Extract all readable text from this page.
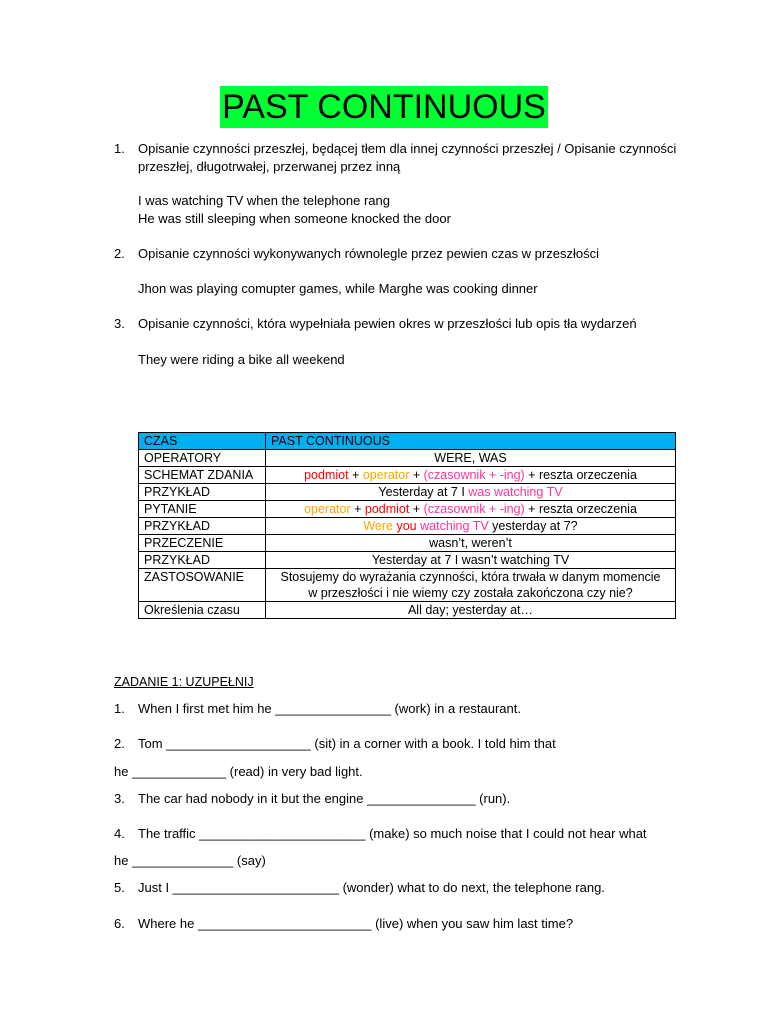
PAST CONTINUOUS
1. Opisanie czynności przeszłej, będącej tłem dla innej czynności przeszłej / Opisanie czynności
przeszłej, długotrwałej, przerwanej przez inną
I was watching TV when the telephone rang
He was still sleeping when someone knocked the door
2. Opisanie czynności wykonywanych równolegle przez pewien czas w przeszłości
Jhon was playing comupter games, while Marghe was cooking dinner
3. Opisanie czynności, która wypełniała pewien okres w przeszłości lub opis tła wydarzeń
They were riding a bike all weekend
CZAS	PAST CONTINUOUS
OPERATORY	WERE, WAS
SCHEMAT ZDANIA	podmiot + operator + (czasownik + -ing) + reszta orzeczenia
PRZYKŁAD	Yesterday at 7 I was watching TV
PYTANIE	operator + podmiot + (czasownik + -ing) + reszta orzeczenia
PRZYKŁAD	Were you watching TV yesterday at 7?
PRZECZENIE	wasn’t, weren’t
PRZYKŁAD	Yesterday at 7 I wasn’t watching TV
ZASTOSOWANIE	Stosujemy do wyrażania czynności, która trwała w danym momencie
w przeszłości i nie wiemy czy została zakończona czy nie?

Określenia czasu	All day; yesterday at…
ZADANIE 1: UZUPEŁNIJ
1. When I first met him he ________________ (work) in a restaurant.
2. Tom ____________________ (sit) in a corner with a book. I told him that
he _____________ (read) in very bad light.
3. The car had nobody in it but the engine _______________ (run).
4. The traffic _______________________ (make) so much noise that I could not hear what
he ______________ (say)
5. Just I _______________________ (wonder) what to do next, the telephone rang.
6. Where he ________________________ (live) when you saw him last time?
